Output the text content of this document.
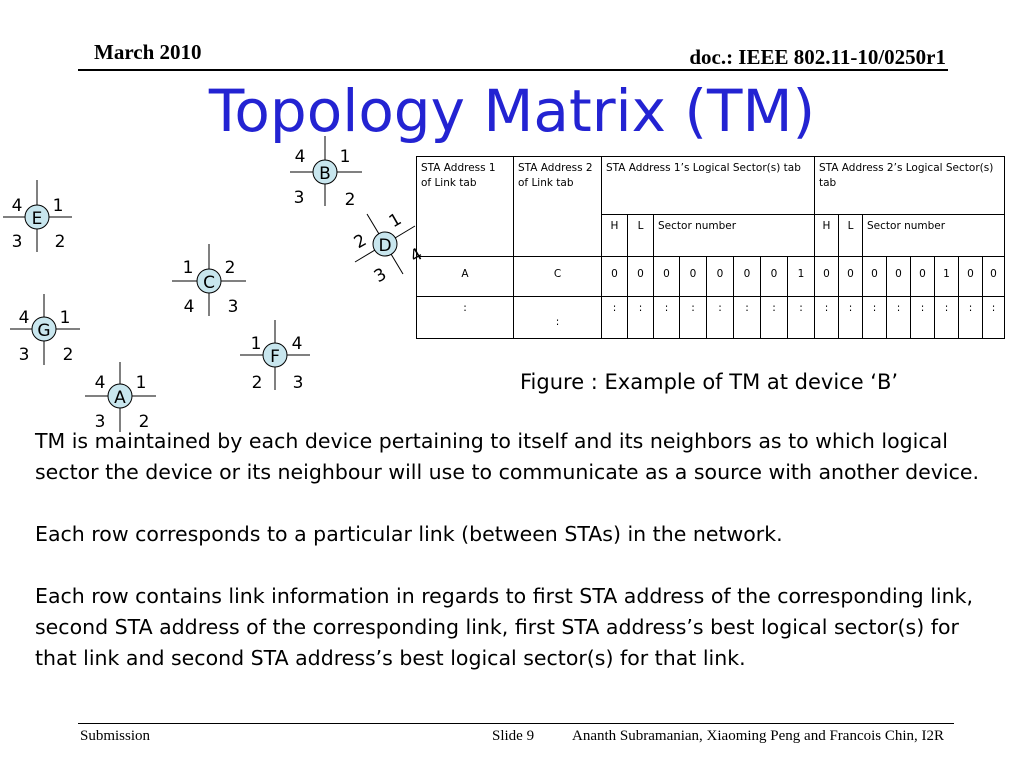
March 2010	doc.: IEEE 802.11-10/0250r1
Topology Matrix (TM)
B
1
2
3
4
E
1
2
3
4
D
1
2
3
4
C
1 2
3
4
G
1
2
3
4
F
1
2 3
4
A
1
2
3
4
STA Address 1 of Link tab	STA Address 2 of Link tab	STA Address 1’s Logical Sector(s) tab								STA Address 2’s Logical Sector(s) tab							
		H	L	Sector number						H	L	Sector number					
A	C	0	0	0	0	0	0	0	1	0	0	0	0	0	1	0	0
:	:	:	:	:	:	:	:	:	:	:	:	:	:	:	:	:	:
Figure : Example of TM at device ‘B’

TM is maintained by each device pertaining to itself and its neighbors as to which logical sector the device or its neighbour will use to communicate as a source with another device.

Each row corresponds to a particular link (between STAs) in the network.

Each row contains link information in regards to first STA address of the corresponding link, second STA address of the corresponding link, first STA address’s best logical sector(s) for that link and second STA address’s best logical sector(s) for that link.

Submission	Slide 9	Ananth Subramanian, Xiaoming Peng and Francois Chin, I2R
